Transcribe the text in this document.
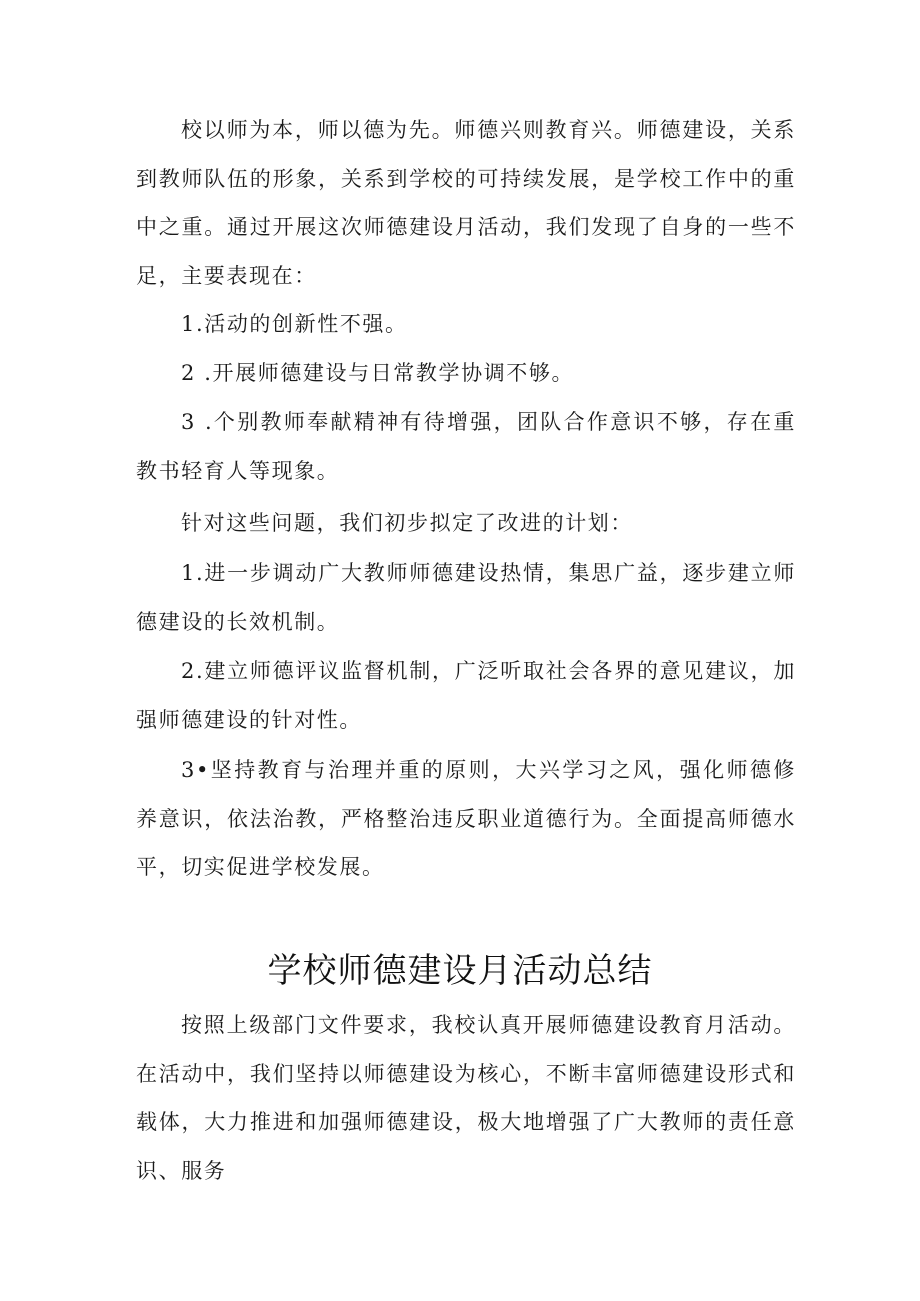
校以师为本，师以德为先。师德兴则教育兴。师德建设，关系到教师队伍的形象，关系到学校的可持续发展，是学校工作中的重中之重。通过开展这次师德建设月活动，我们发现了自身的一些不足，主要表现在：

1.活动的创新性不强。

2 .开展师德建设与日常教学协调不够。

3 .个别教师奉献精神有待增强，团队合作意识不够，存在重教书轻育人等现象。

针对这些问题，我们初步拟定了改进的计划：

1.进一步调动广大教师师德建设热情，集思广益，逐步建立师德建设的长效机制。

2.建立师德评议监督机制，广泛听取社会各界的意见建议，加强师德建设的针对性。

3•坚持教育与治理并重的原则，大兴学习之风，强化师德修养意识，依法治教，严格整治违反职业道德行为。全面提高师德水平，切实促进学校发展。

学校师德建设月活动总结

按照上级部门文件要求，我校认真开展师德建设教育月活动。在活动中，我们坚持以师德建设为核心，不断丰富师德建设形式和载体，大力推进和加强师德建设，极大地增强了广大教师的责任意识、服务
